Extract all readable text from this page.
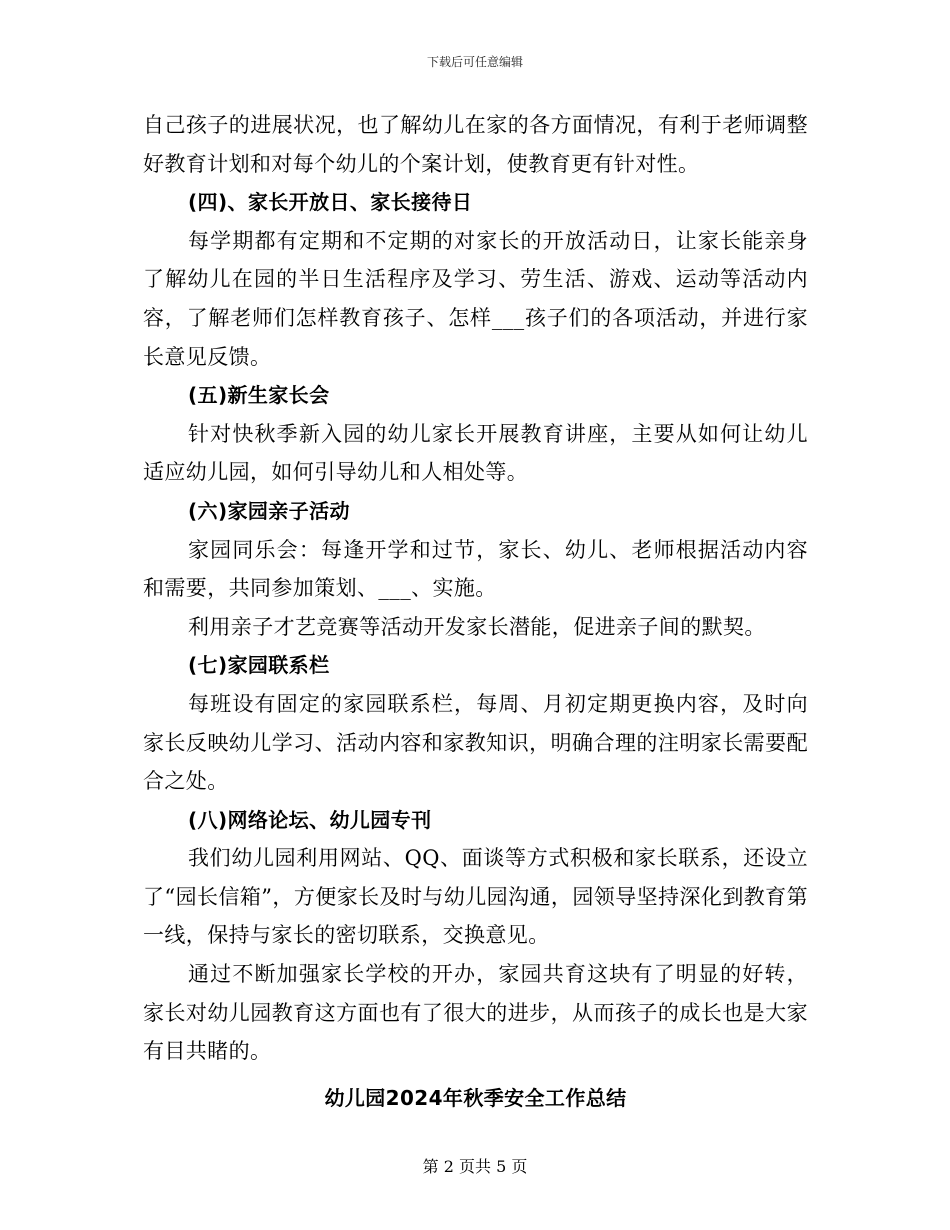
下载后可任意编辑

自己孩子的进展状况，也了解幼儿在家的各方面情况，有利于老师调整好教育计划和对每个幼儿的个案计划，使教育更有针对性。

(四)、家长开放日、家长接待日

每学期都有定期和不定期的对家长的开放活动日，让家长能亲身了解幼儿在园的半日生活程序及学习、劳生活、游戏、运动等活动内容，了解老师们怎样教育孩子、怎样___孩子们的各项活动，并进行家长意见反馈。

(五)新生家长会

针对快秋季新入园的幼儿家长开展教育讲座，主要从如何让幼儿适应幼儿园，如何引导幼儿和人相处等。

(六)家园亲子活动

家园同乐会：每逢开学和过节，家长、幼儿、老师根据活动内容和需要，共同参加策划、___、实施。

利用亲子才艺竞赛等活动开发家长潜能，促进亲子间的默契。

(七)家园联系栏

每班设有固定的家园联系栏，每周、月初定期更换内容，及时向家长反映幼儿学习、活动内容和家教知识，明确合理的注明家长需要配合之处。

(八)网络论坛、幼儿园专刊

我们幼儿园利用网站、QQ、面谈等方式积极和家长联系，还设立了“园长信箱”，方便家长及时与幼儿园沟通，园领导坚持深化到教育第一线，保持与家长的密切联系，交换意见。

通过不断加强家长学校的开办，家园共育这块有了明显的好转，家长对幼儿园教育这方面也有了很大的进步，从而孩子的成长也是大家有目共睹的。

幼儿园2024年秋季安全工作总结

第 2 页共 5 页
